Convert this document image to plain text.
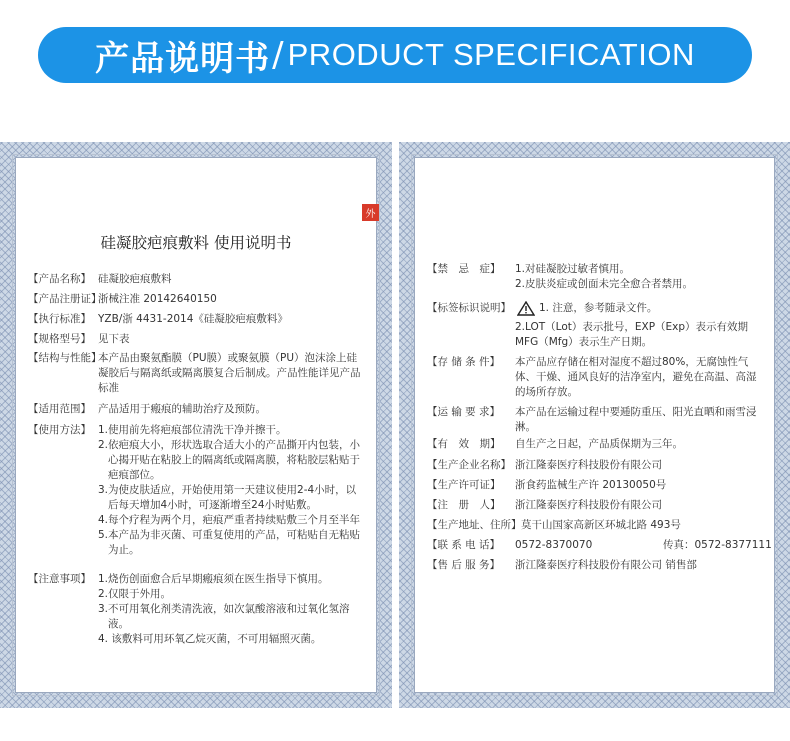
产品说明书 / PRODUCT SPECIFICATION
外
硅凝胶疤痕敷料 使用说明书
【产品名称】 硅凝胶疤痕敷料

【产品注册证】

浙械注准 20142640150

【执行标准】 YZB/浙 4431-2014《硅凝胶疤痕敷料》

【规格型号】 见下表

【结构与性能】

本产品由聚氨酯膜（PU膜）或聚氨膜（PU）泡沫涂上硅凝胶后与隔离纸或隔离膜复合后制成。产品性能详见产品标准

【适用范围】 产品适用于瘢痕的辅助治疗及预防。

【使用方法】 1.使用前先将疤痕部位清洗干净并擦干。

2.依疤痕大小，形状选取合适大小的产品撕开内包装，小心揭开贴在粘胶上的隔离纸或隔离膜，将粘胶层粘贴于疤痕部位。

3.为使皮肤适应，开始使用第一天建议使用2-4小时，以后每天增加4小时，可逐渐增至24小时贴敷。

4.每个疗程为两个月，疤痕严重者持续贴敷三个月至半年

5.本产品为非灭菌、可重复使用的产品，可粘贴自无粘贴为止。

【注意事项】 1.烧伤创面愈合后早期瘢痕须在医生指导下慎用。

2.仅限于外用。

3.不可用氧化剂类清洗液，如次氯酸溶液和过氧化氢溶液。

4. 该敷料可用环氧乙烷灭菌，不可用辐照灭菌。

【禁　忌　症】	1.对硅凝胶过敏者慎用。

2.皮肤炎症或创面未完全愈合者禁用。

【标签标识说明】	1. 注意，参考随录文件。

2.LOT（Lot）表示批号，EXP（Exp）表示有效期 MFG（Mfg）表示生产日期。

【存 储 条 件】	本产品应存储在相对湿度不超过80%，无腐蚀性气体、干燥、通风良好的洁净室内，避免在高温、高湿的场所存放。

【运 输 要 求】	本产品在运输过程中要逓防重压、阳光直晒和雨雪浸淋。

【有　效　期】	自生产之日起，产品质保期为三年。

【生产企业名称】 浙江隆泰医疗科技股份有限公司

【生产许可证】	浙食药监械生产许 20130050号

【注　册　人】	浙江隆泰医疗科技股份有限公司

【生产地址、住所】 莫干山国家高新区环城北路 493号

【联 系 电 话】	0572-8370070	传真：0572-8377111
【售 后 服 务】	浙江隆泰医疗科技股份有限公司 销售部
